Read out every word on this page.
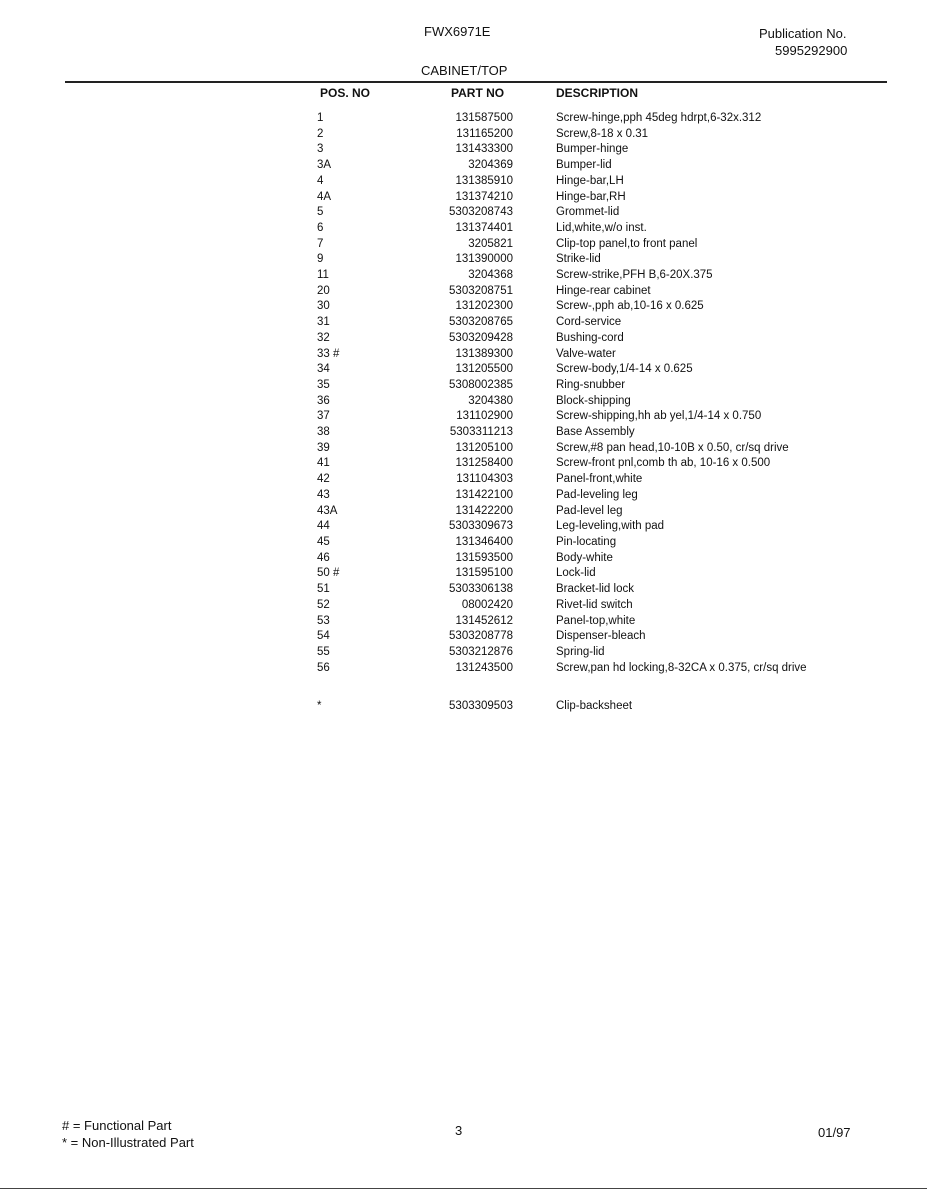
FWX6971E	Publication No.
5995292900
CABINET/TOP
POS. NO	PART NO	DESCRIPTION
1	131587500	Screw-hinge,pph 45deg hdrpt,6-32x.312
2	131165200	Screw,8-18 x 0.31
3	131433300	Bumper-hinge
3A	3204369	Bumper-lid
4	131385910	Hinge-bar,LH
4A	131374210	Hinge-bar,RH
5	5303208743	Grommet-lid
6	131374401	Lid,white,w/o inst.
7	3205821	Clip-top panel,to front panel
9	131390000	Strike-lid
11	3204368	Screw-strike,PFH B,6-20X.375
20	5303208751	Hinge-rear cabinet
30	131202300	Screw-,pph ab,10-16 x 0.625
31	5303208765	Cord-service
32	5303209428	Bushing-cord
33 #	131389300	Valve-water
34	131205500	Screw-body,1/4-14 x 0.625
35	5308002385	Ring-snubber
36	3204380	Block-shipping
37	131102900	Screw-shipping,hh ab yel,1/4-14 x 0.750
38	5303311213	Base Assembly
39	131205100	Screw,#8 pan head,10-10B x 0.50, cr/sq drive
41	131258400	Screw-front pnl,comb th ab, 10-16 x 0.500
42	131104303	Panel-front,white
43	131422100	Pad-leveling leg
43A	131422200	Pad-level leg
44	5303309673	Leg-leveling,with pad
45	131346400	Pin-locating
46	131593500	Body-white
50 #	131595100	Lock-lid
51	5303306138	Bracket-lid lock
52	08002420	Rivet-lid switch
53	131452612	Panel-top,white
54	5303208778	Dispenser-bleach
55	5303212876	Spring-lid
56	131243500	Screw,pan hd locking,8-32CA x 0.375, cr/sq drive
*	5303309503	Clip-backsheet
# = Functional Part
* = Non-Illustrated Part
3	01/97
